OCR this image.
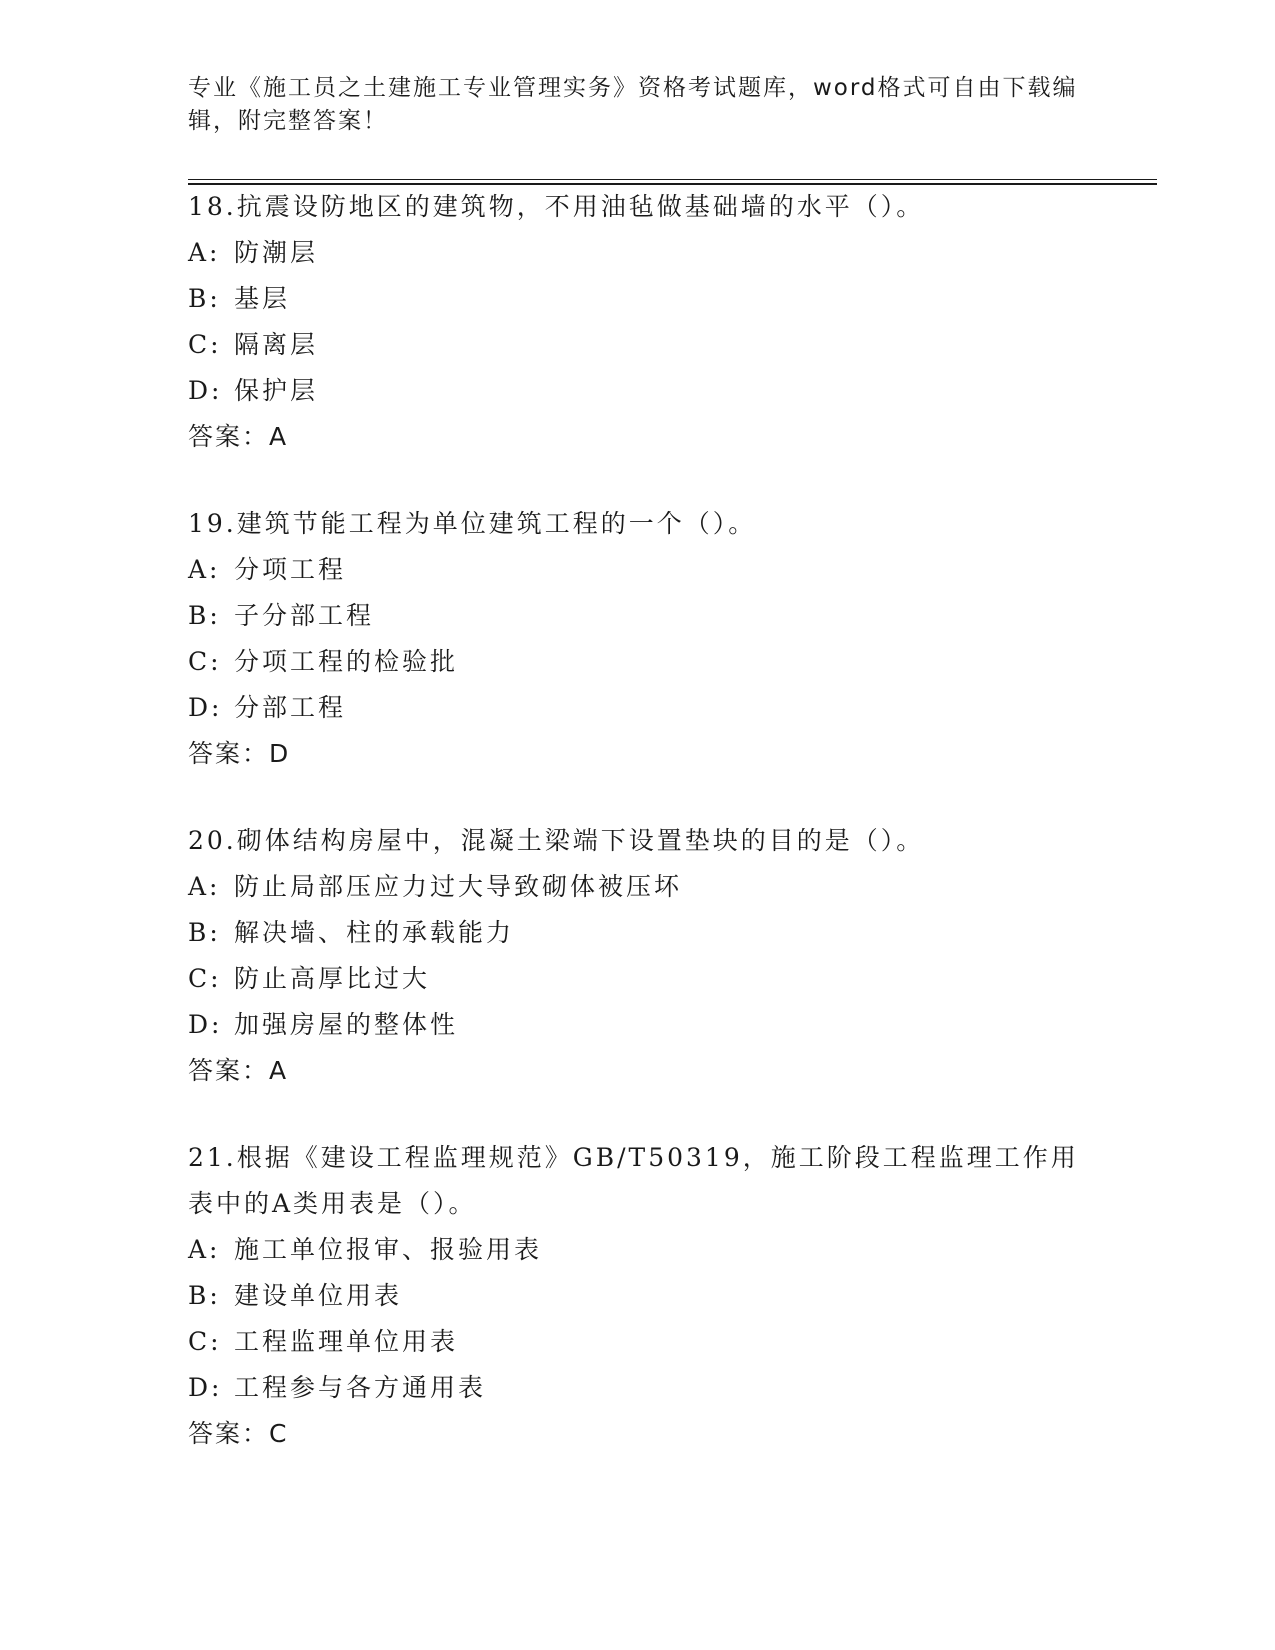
专业《施工员之土建施工专业管理实务》资格考试题库，word格式可自由下载编
辑，附完整答案！
18.抗震设防地区的建筑物，不用油毡做基础墙的水平（）。
A: 防潮层
B: 基层
C: 隔离层
D: 保护层
答案：A
19.建筑节能工程为单位建筑工程的一个（）。
A: 分项工程
B: 子分部工程
C: 分项工程的检验批
D: 分部工程
答案：D
20.砌体结构房屋中，混凝土梁端下设置垫块的目的是（）。
A: 防止局部压应力过大导致砌体被压坏
B: 解决墙、柱的承载能力
C: 防止高厚比过大
D: 加强房屋的整体性
答案：A
21.根据《建设工程监理规范》GB/T50319，施工阶段工程监理工作用
表中的A类用表是（）。
A: 施工单位报审、报验用表
B: 建设单位用表
C: 工程监理单位用表
D: 工程参与各方通用表
答案：C
